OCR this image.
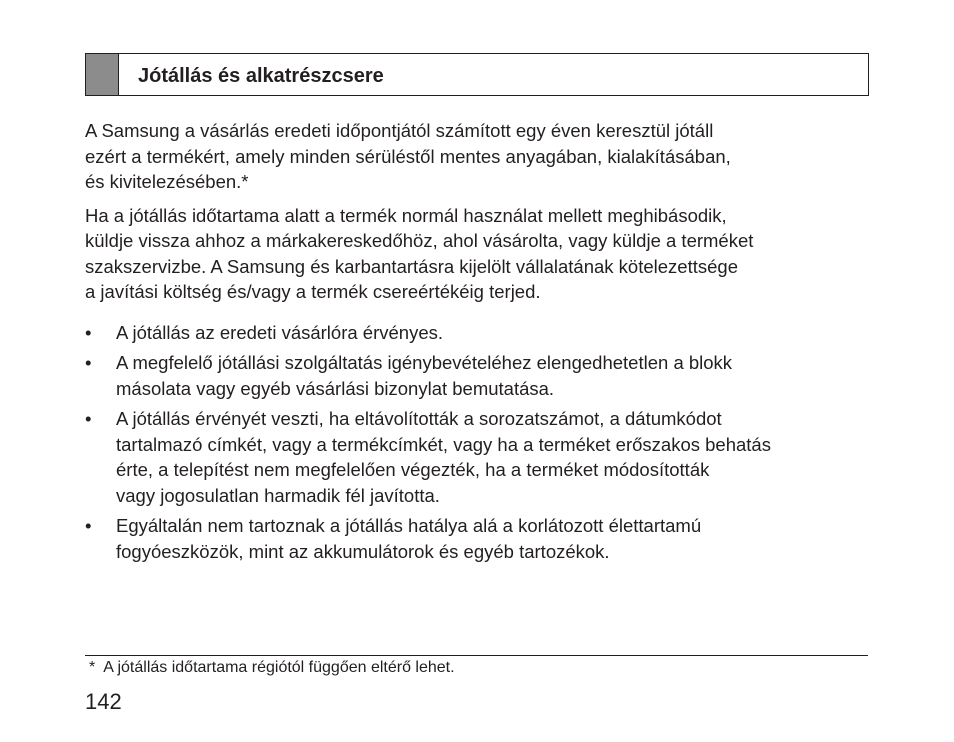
Jótállás és alkatrészcsere

A Samsung a vásárlás eredeti időpontjától számított egy éven keresztül jótáll
ezért a termékért, amely minden sérüléstől mentes anyagában, kialakításában,
és kivitelezésében.*

Ha a jótállás időtartama alatt a termék normál használat mellett meghibásodik,
küldje vissza ahhoz a márkakereskedőhöz, ahol vásárolta, vagy küldje a terméket
szakszervizbe. A Samsung és karbantartásra kijelölt vállalatának kötelezettsége
a javítási költség és/vagy a termék csereértékéig terjed.

• A jótállás az eredeti vásárlóra érvényes.
• A megfelelő jótállási szolgáltatás igénybevételéhez elengedhetetlen a blokk
másolata vagy egyéb vásárlási bizonylat bemutatása.
• A jótállás érvényét veszti, ha eltávolították a sorozatszámot, a dátumkódot
tartalmazó címkét, vagy a termékcímkét, vagy ha a terméket erőszakos behatás
érte, a telepítést nem megfelelően végezték, ha a terméket módosították
vagy jogosulatlan harmadik fél javította.
• Egyáltalán nem tartoznak a jótállás hatálya alá a korlátozott élettartamú
fogyóeszközök, mint az akkumulátorok és egyéb tartozékok.
* A jótállás időtartama régiótól függően eltérő lehet.
142
